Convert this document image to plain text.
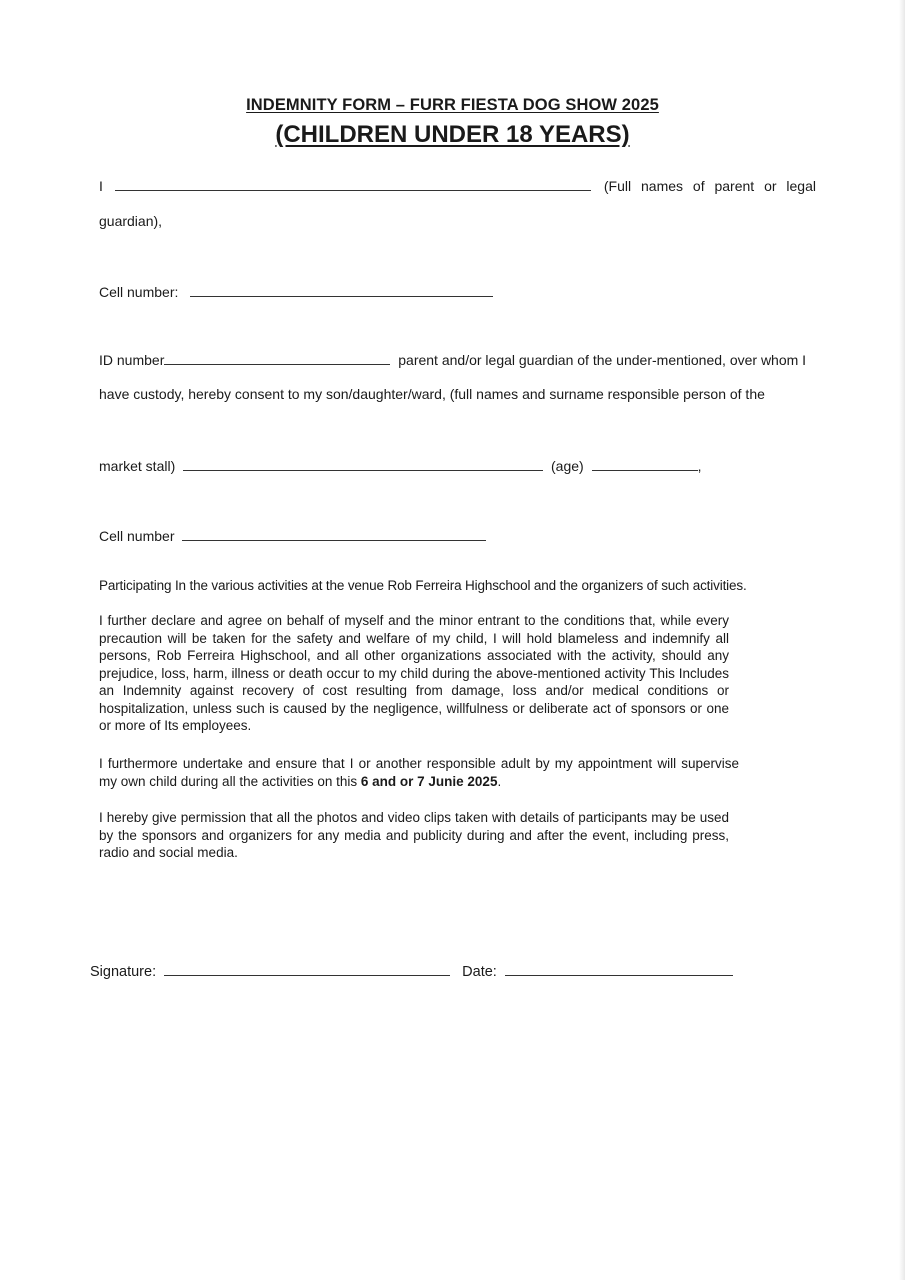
INDEMNITY FORM – FURR FIESTA DOG SHOW 2025
(CHILDREN UNDER 18 YEARS)
I	(Full names of parent or legal
guardian),
Cell number:
ID number	parent and/or legal guardian of the under-mentioned, over whom I
have custody, hereby consent to my son/daughter/ward, (full names and surname responsible person of the
market stall)	(age)	,
Cell number
Participating In the various activities at the venue Rob Ferreira Highschool and the organizers of such activities.
I further declare and agree on behalf of myself and the minor entrant to the conditions that, while every precaution will be taken for the safety and welfare of my child, I will hold blameless and indemnify all persons, Rob Ferreira Highschool, and all other organizations associated with the activity, should any prejudice, loss, harm, illness or death occur to my child during the above-mentioned activity This Includes an Indemnity against recovery of cost resulting from damage, loss and/or medical conditions or hospitalization, unless such is caused by the negligence, willfulness or deliberate act of sponsors or one or more of Its employees.
I furthermore undertake and ensure that I or another responsible adult by my appointment will supervise my own child during all the activities on this 6 and or 7 Junie 2025.
I hereby give permission that all the photos and video clips taken with details of participants may be used by the sponsors and organizers for any media and publicity during and after the event, including press, radio and social media.
Signature:	Date:
